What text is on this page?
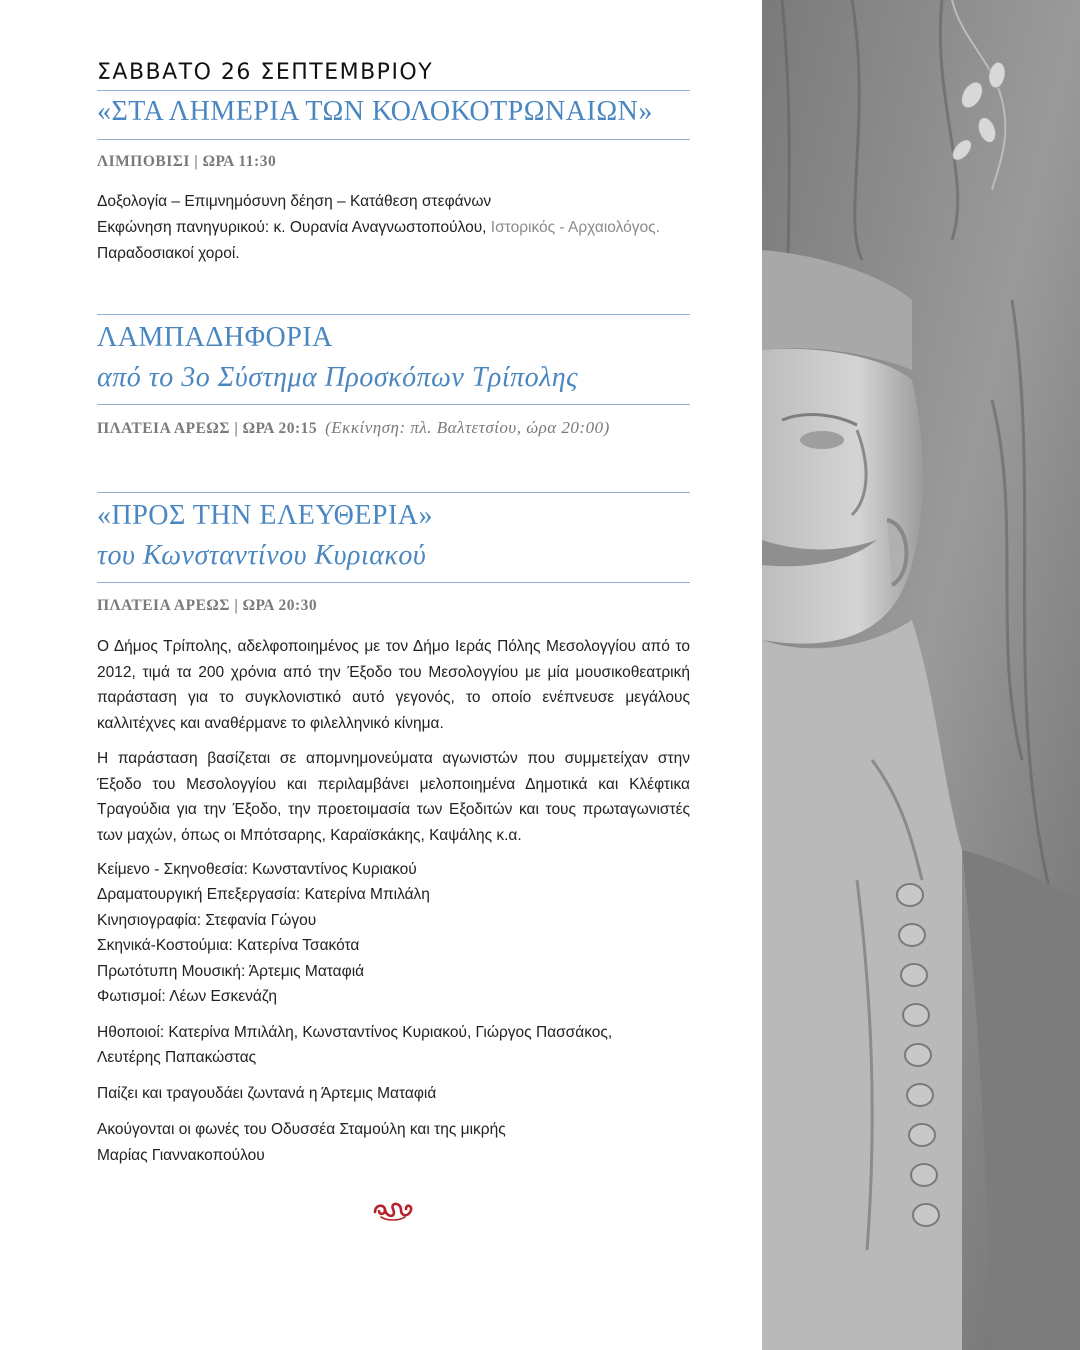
ΣΑΒΒΑΤΟ 26 ΣΕΠΤΕΜΒΡΙΟΥ
«ΣΤΑ ΛΗΜΕΡΙΑ ΤΩΝ ΚΟΛΟΚΟΤΡΩΝΑΙΩΝ»
ΛΙΜΠΟΒΙΣΙ | ΩΡΑ 11:30
Δοξολογία – Επιμνημόσυνη δέηση – Κατάθεση στεφάνων
Εκφώνηση πανηγυρικού: κ. Ουρανία Αναγνωστοπούλου, Ιστορικός - Αρχαιολόγος.
Παραδοσιακοί χοροί.
ΛΑΜΠΑΔΗΦΟΡΙΑ
από το 3ο Σύστημα Προσκόπων Τρίπολης
ΠΛΑΤΕΙΑ ΑΡΕΩΣ | ΩΡΑ 20:15 (Εκκίνηση: πλ. Βαλτετσίου, ώρα 20:00)
«ΠΡΟΣ ΤΗΝ ΕΛΕΥΘΕΡΙΑ»
του Κωνσταντίνου Κυριακού
ΠΛΑΤΕΙΑ ΑΡΕΩΣ | ΩΡΑ 20:30
Ο Δήμος Τρίπολης, αδελφοποιημένος με τον Δήμο Ιεράς Πόλης Μεσολογγίου από το 2012, τιμά τα 200 χρόνια από την Έξοδο του Μεσολογγίου με μία μουσικοθεατρική παράσταση για το συγκλονιστικό αυτό γεγονός, το οποίο ενέπνευσε μεγάλους καλλιτέχνες και αναθέρμανε το φιλελληνικό κίνημα.
Η παράσταση βασίζεται σε απομνημονεύματα αγωνιστών που συμμετείχαν στην Έξοδο του Μεσολογγίου και περιλαμβάνει μελοποιημένα Δημοτικά και Κλέφτικα Τραγούδια για την Έξοδο, την προετοιμασία των Εξοδιτών και τους πρωταγωνιστές των μαχών, όπως οι Μπότσαρης, Καραϊσκάκης, Καψάλης κ.α.
Κείμενο - Σκηνοθεσία: Κωνσταντίνος Κυριακού
Δραματουργική Επεξεργασία: Κατερίνα Μπιλάλη
Κινησιογραφία: Στεφανία Γώγου
Σκηνικά-Κοστούμια: Κατερίνα Τσακότα
Πρωτότυπη Μουσική: Άρτεμις Ματαφιά
Φωτισμοί: Λέων Εσκενάζη
Ηθοποιοί: Κατερίνα Μπιλάλη, Κωνσταντίνος Κυριακού, Γιώργος Πασσάκος,
Λευτέρης Παπακώστας
Παίζει και τραγουδάει ζωντανά η Άρτεμις Ματαφιά
Ακούγονται οι φωνές του Οδυσσέα Σταμούλη και της μικρής
Μαρίας Γιαννακοπούλου
